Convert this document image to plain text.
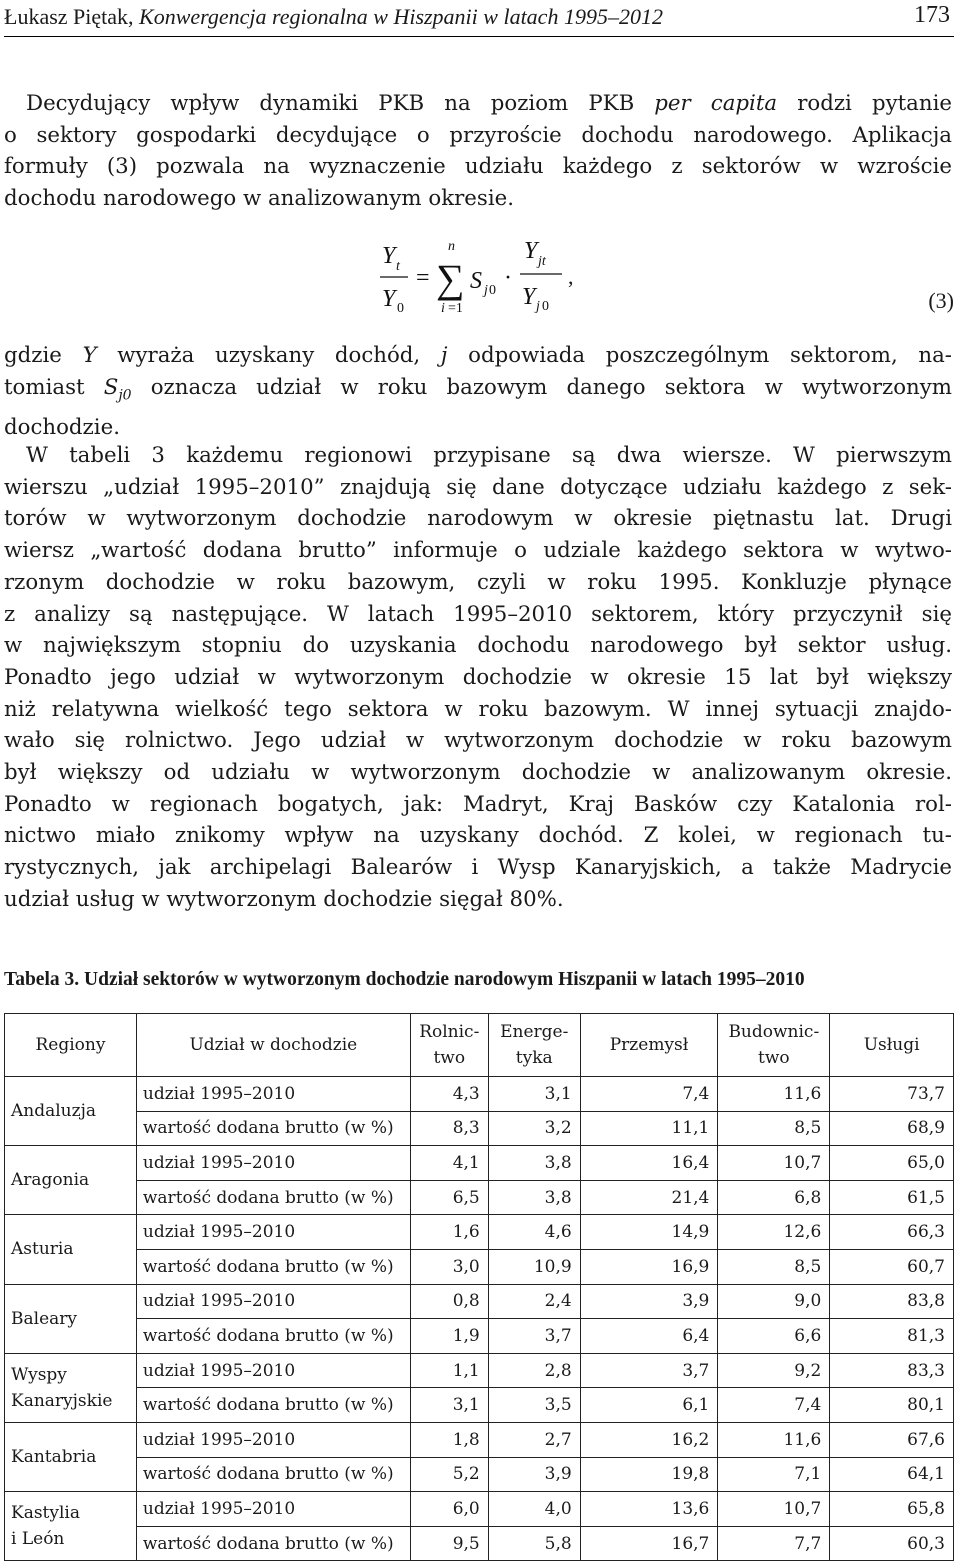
Łukasz Piętak, Konwergencja regionalna w Hiszpanii w latach 1995–2012	173
Decydujący wpływ dynamiki PKB na poziom PKB per capita rodzi pytanie
o sektory gospodarki decydujące o przyroście dochodu narodowego. Aplikacja
formuły (3) pozwala na wyznaczenie udziału każdego z sektorów w wzroście
dochodu narodowego w analizowanym okresie.
Y t
Y 0
=
n
∑
i =1
S j 0 ·
Y jt
Y j 0
,
(3)
gdzie Y wyraża uzyskany dochód, j odpowiada poszczególnym sektorom, na-
tomiast $S_{j0}$ oznacza udział w roku bazowym danego sektora w wytworzonym
dochodzie.
W tabeli 3 każdemu regionowi przypisane są dwa wiersze. W pierwszym
wierszu „udział 1995–2010” znajdują się dane dotyczące udziału każdego z sek-
torów w wytworzonym dochodzie narodowym w okresie piętnastu lat. Drugi
wiersz „wartość dodana brutto” informuje o udziale każdego sektora w wytwo-
rzonym dochodzie w roku bazowym, czyli w roku 1995. Konkluzje płynące
z analizy są następujące. W latach 1995–2010 sektorem, który przyczynił się
w największym stopniu do uzyskania dochodu narodowego był sektor usług.
Ponadto jego udział w wytworzonym dochodzie w okresie 15 lat był większy
niż relatywna wielkość tego sektora w roku bazowym. W innej sytuacji znajdo-
wało się rolnictwo. Jego udział w wytworzonym dochodzie w roku bazowym
był większy od udziału w wytworzonym dochodzie w analizowanym okresie.
Ponadto w regionach bogatych, jak: Madryt, Kraj Basków czy Katalonia rol-
nictwo miało znikomy wpływ na uzyskany dochód. Z kolei, w regionach tu-
rystycznych, jak archipelagi Balearów i Wysp Kanaryjskich, a także Madrycie
udział usług w wytworzonym dochodzie sięgał 80%.
Tabela 3. Udział sektorów w wytworzonym dochodzie narodowym Hiszpanii w latach 1995–2010
Regiony	Udział w dochodzie	Rolnic-
two	Energe-
tyka	Przemysł	Budownic-
two	Usługi
Andaluzja	udział 1995–2010	4,3	3,1	7,4	11,6	73,7
	wartość dodana brutto (w %)	8,3	3,2	11,1	8,5	68,9
Aragonia	udział 1995–2010	4,1	3,8	16,4	10,7	65,0
	wartość dodana brutto (w %)	6,5	3,8	21,4	6,8	61,5
Asturia	udział 1995–2010	1,6	4,6	14,9	12,6	66,3
	wartość dodana brutto (w %)	3,0	10,9	16,9	8,5	60,7
Baleary	udział 1995–2010	0,8	2,4	3,9	9,0	83,8
	wartość dodana brutto (w %)	1,9	3,7	6,4	6,6	81,3
Wyspy
Kanaryjskie	udział 1995–2010	1,1	2,8	3,7	9,2	83,3
	wartość dodana brutto (w %)	3,1	3,5	6,1	7,4	80,1
Kantabria	udział 1995–2010	1,8	2,7	16,2	11,6	67,6
	wartość dodana brutto (w %)	5,2	3,9	19,8	7,1	64,1
Kastylia
i León	udział 1995–2010	6,0	4,0	13,6	10,7	65,8
	wartość dodana brutto (w %)	9,5	5,8	16,7	7,7	60,3
